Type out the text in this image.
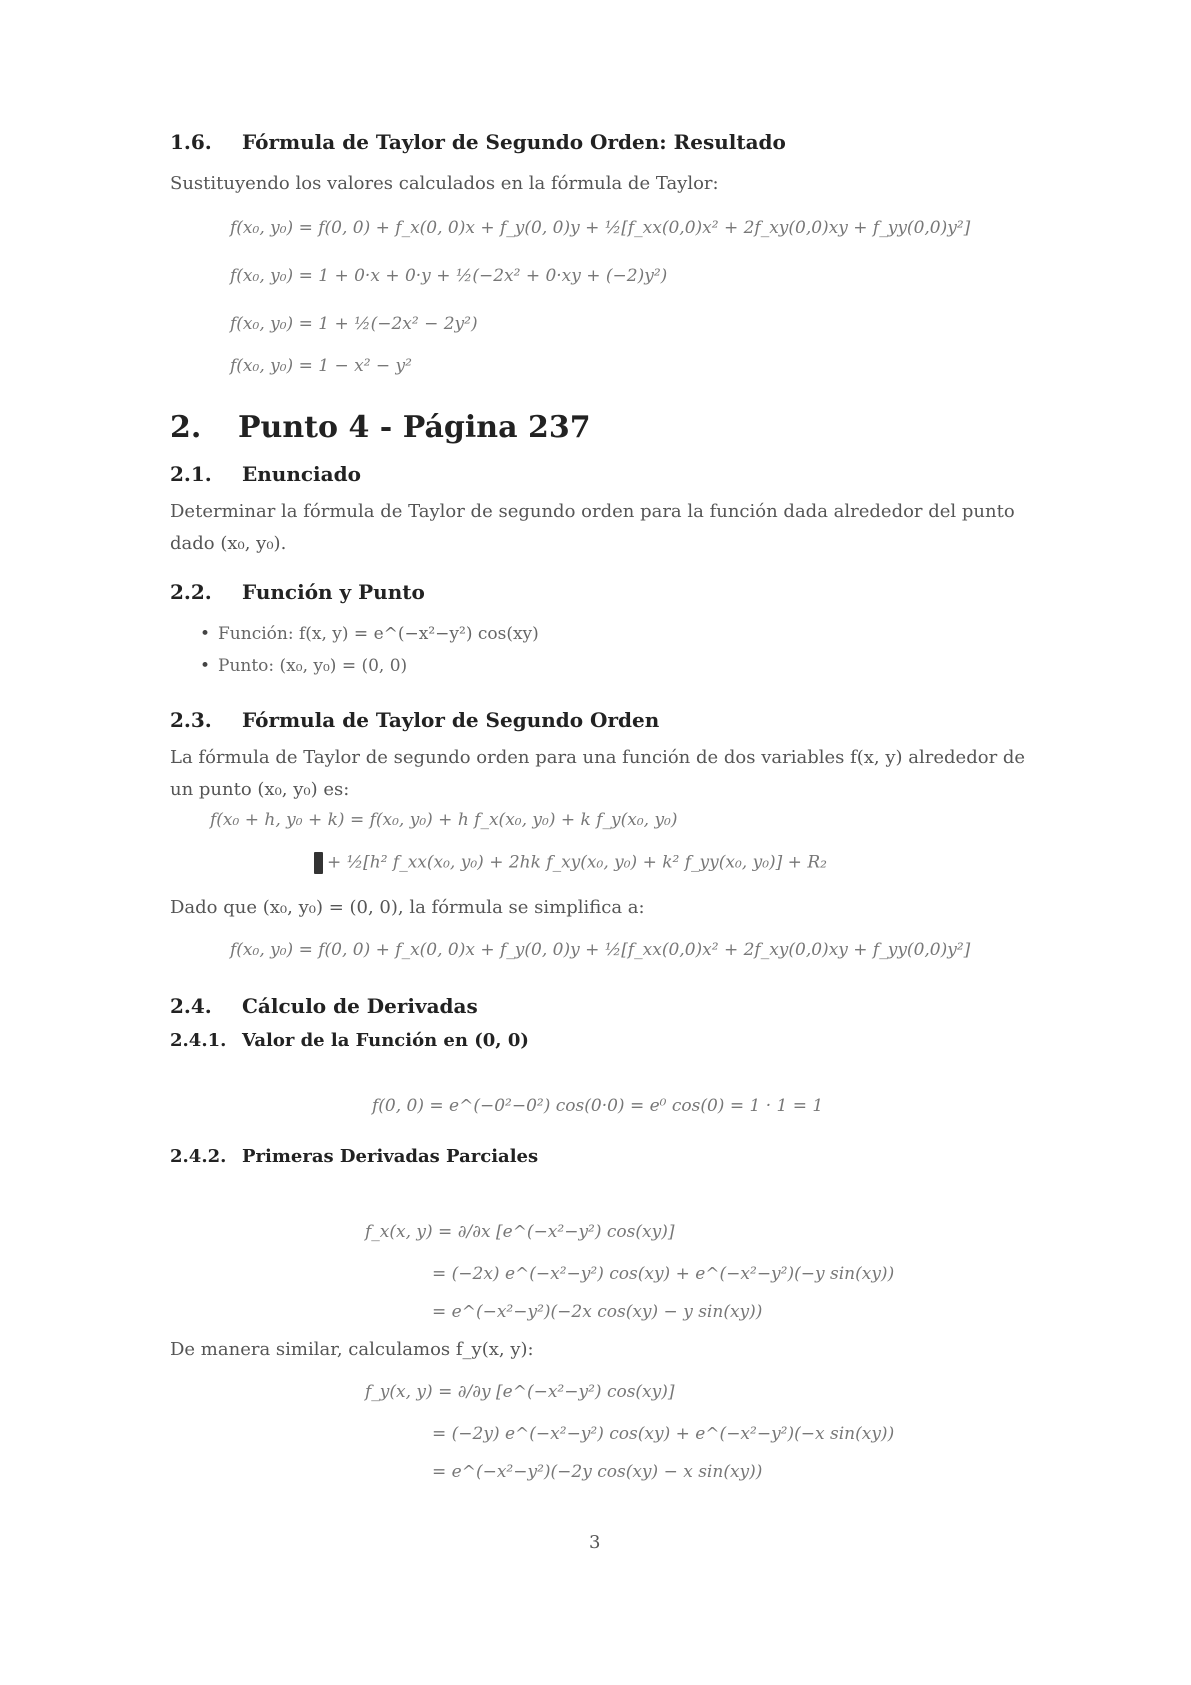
1.6. Fórmula de Taylor de Segundo Orden: Resultado
Sustituyendo los valores calculados en la fórmula de Taylor:
f(x₀, y₀) = f(0, 0) + f_x(0, 0)x + f_y(0, 0)y + ½[f_xx(0,0)x² + 2f_xy(0,0)xy + f_yy(0,0)y²]
f(x₀, y₀) = 1 + 0·x + 0·y + ½(−2x² + 0·xy + (−2)y²)
f(x₀, y₀) = 1 + ½(−2x² − 2y²)
f(x₀, y₀) = 1 − x² − y²
2. Punto 4 - Página 237
2.1. Enunciado
Determinar la fórmula de Taylor de segundo orden para la función dada alrededor del punto dado (x₀, y₀).
2.2. Función y Punto
• Función: f(x, y) = e^(−x²−y²) cos(xy)
• Punto: (x₀, y₀) = (0, 0)
2.3. Fórmula de Taylor de Segundo Orden
La fórmula de Taylor de segundo orden para una función de dos variables f(x, y) alrededor de un punto (x₀, y₀) es:
f(x₀ + h, y₀ + k) = f(x₀, y₀) + h f_x(x₀, y₀) + k f_y(x₀, y₀)
+ ½[h² f_xx(x₀, y₀) + 2hk f_xy(x₀, y₀) + k² f_yy(x₀, y₀)] + R₂
Dado que (x₀, y₀) = (0, 0), la fórmula se simplifica a:
f(x₀, y₀) = f(0, 0) + f_x(0, 0)x + f_y(0, 0)y + ½[f_xx(0,0)x² + 2f_xy(0,0)xy + f_yy(0,0)y²]
2.4. Cálculo de Derivadas
2.4.1. Valor de la Función en (0, 0)
f(0, 0) = e^(−0²−0²) cos(0·0) = e⁰ cos(0) = 1 · 1 = 1
2.4.2. Primeras Derivadas Parciales
f_x(x, y) = ∂/∂x [e^(−x²−y²) cos(xy)]
= (−2x) e^(−x²−y²) cos(xy) + e^(−x²−y²)(−y sin(xy))
= e^(−x²−y²)(−2x cos(xy) − y sin(xy))
De manera similar, calculamos f_y(x, y):
f_y(x, y) = ∂/∂y [e^(−x²−y²) cos(xy)]
= (−2y) e^(−x²−y²) cos(xy) + e^(−x²−y²)(−x sin(xy))
= e^(−x²−y²)(−2y cos(xy) − x sin(xy))
3
